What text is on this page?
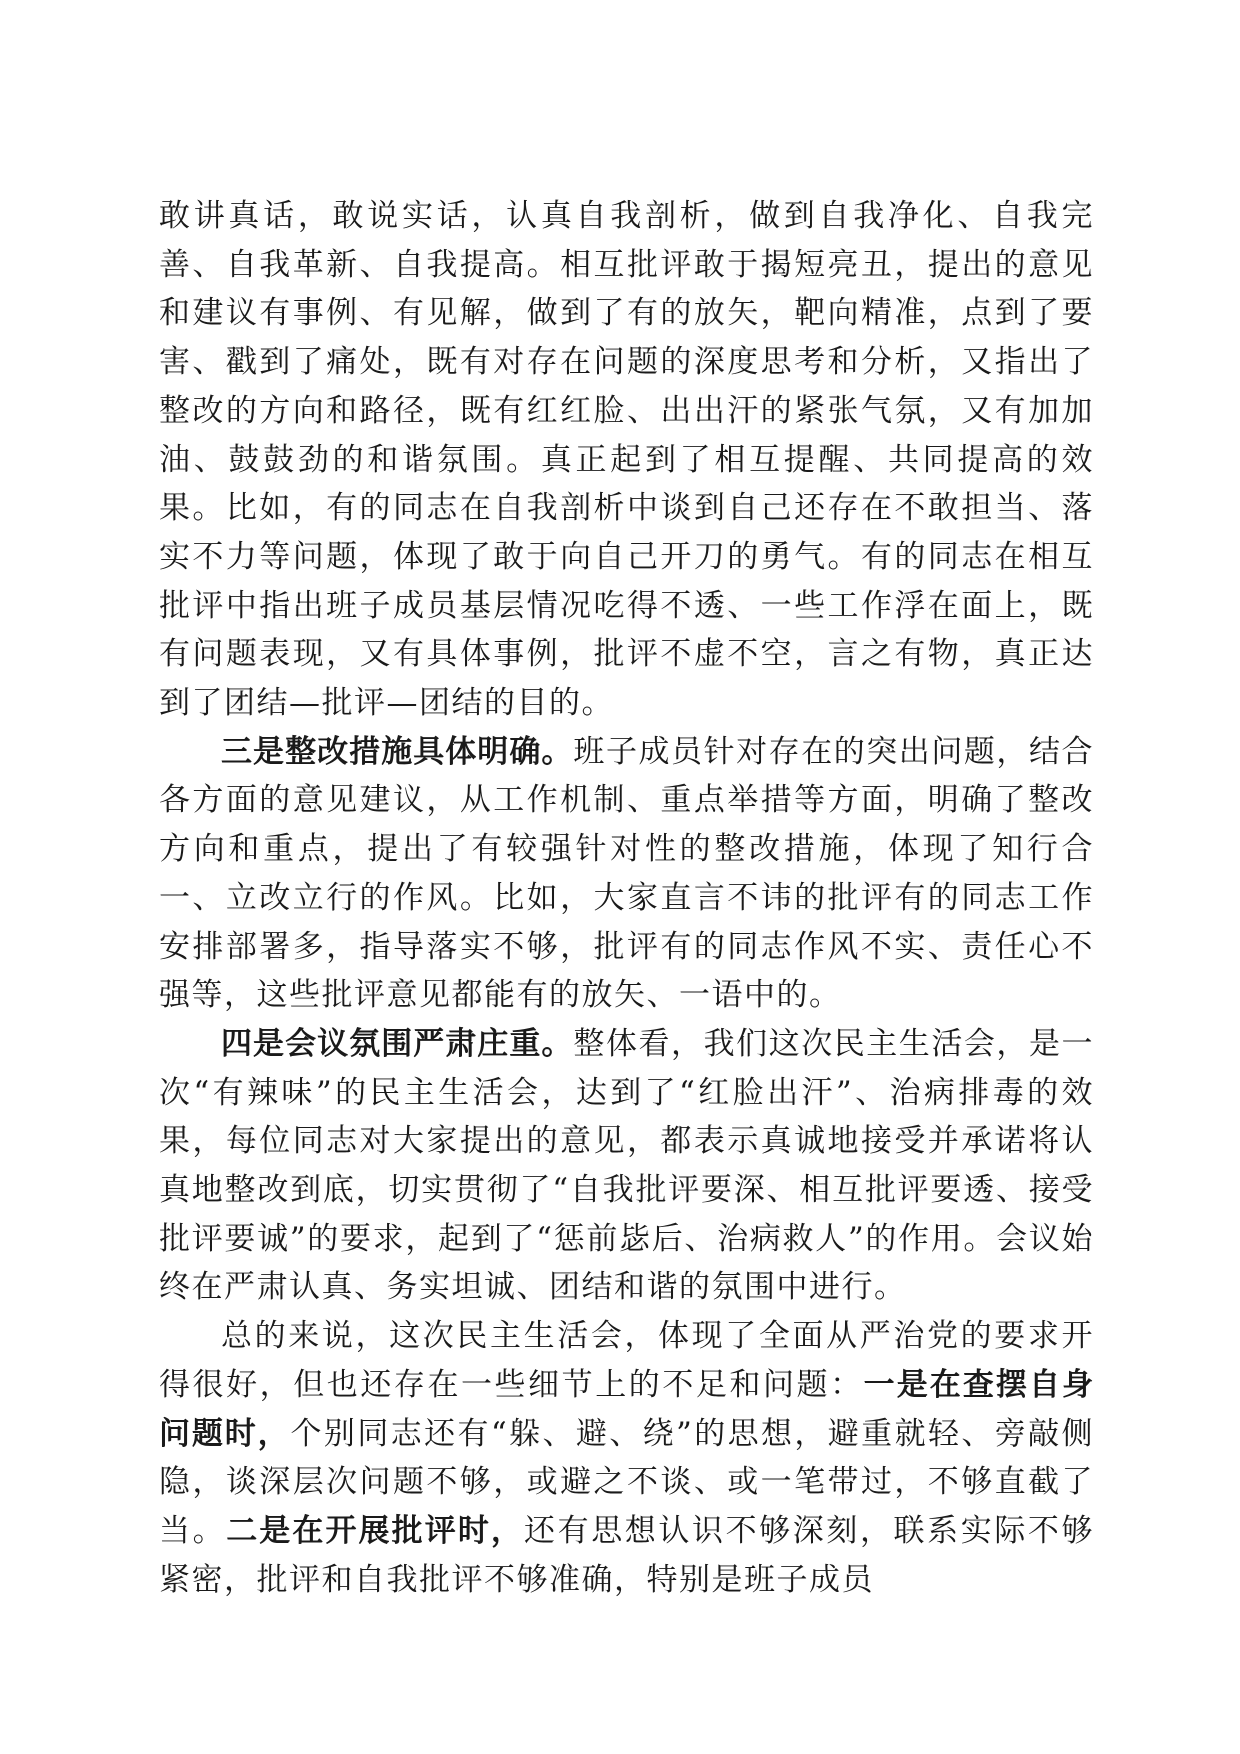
敢讲真话，敢说实话，认真自我剖析，做到自我净化、自我完善、自我革新、自我提高。相互批评敢于揭短亮丑，提出的意见和建议有事例、有见解，做到了有的放矢，靶向精准，点到了要害、戳到了痛处，既有对存在问题的深度思考和分析，又指出了整改的方向和路径，既有红红脸、出出汗的紧张气氛，又有加加油、鼓鼓劲的和谐氛围。真正起到了相互提醒、共同提高的效果。比如，有的同志在自我剖析中谈到自己还存在不敢担当、落实不力等问题，体现了敢于向自己开刀的勇气。有的同志在相互批评中指出班子成员基层情况吃得不透、一些工作浮在面上，既有问题表现，又有具体事例，批评不虚不空，言之有物，真正达到了团结—批评—团结的目的。

三是整改措施具体明确。班子成员针对存在的突出问题，结合各方面的意见建议，从工作机制、重点举措等方面，明确了整改方向和重点，提出了有较强针对性的整改措施，体现了知行合一、立改立行的作风。比如，大家直言不讳的批评有的同志工作安排部署多，指导落实不够，批评有的同志作风不实、责任心不强等，这些批评意见都能有的放矢、一语中的。

四是会议氛围严肃庄重。整体看，我们这次民主生活会，是一次“有辣味”的民主生活会，达到了“红脸出汗”、治病排毒的效果，每位同志对大家提出的意见，都表示真诚地接受并承诺将认真地整改到底，切实贯彻了“自我批评要深、相互批评要透、接受批评要诚”的要求，起到了“惩前毖后、治病救人”的作用。会议始终在严肃认真、务实坦诚、团结和谐的氛围中进行。

总的来说，这次民主生活会，体现了全面从严治党的要求开得很好，但也还存在一些细节上的不足和问题：一是在查摆自身问题时，个别同志还有“躲、避、绕”的思想，避重就轻、旁敲侧隐，谈深层次问题不够，或避之不谈、或一笔带过，不够直截了当。二是在开展批评时，还有思想认识不够深刻，联系实际不够紧密，批评和自我批评不够准确，特别是班子成员
